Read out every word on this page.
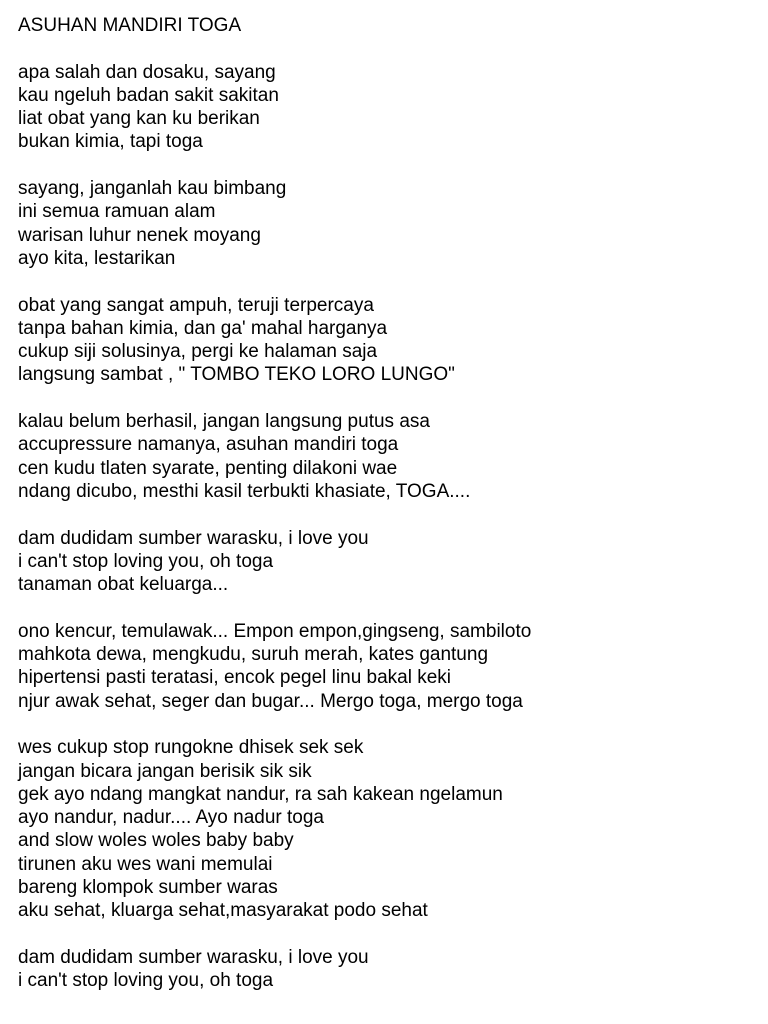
ASUHAN MANDIRI TOGA
apa salah dan dosaku, sayang
kau ngeluh badan sakit sakitan
liat obat yang kan ku berikan
bukan kimia, tapi toga
sayang, janganlah kau bimbang
ini semua ramuan alam
warisan luhur nenek moyang
ayo kita, lestarikan
obat yang sangat ampuh, teruji terpercaya
tanpa bahan kimia, dan ga' mahal harganya
cukup siji solusinya, pergi ke halaman saja
langsung sambat , " TOMBO TEKO LORO LUNGO"
kalau belum berhasil, jangan langsung putus asa
accupressure namanya, asuhan mandiri toga
cen kudu tlaten syarate, penting dilakoni wae
ndang dicubo, mesthi kasil terbukti khasiate, TOGA....
dam dudidam sumber warasku, i love you
i can't stop loving you, oh toga
tanaman obat keluarga...
ono kencur, temulawak... Empon empon,gingseng, sambiloto
mahkota dewa, mengkudu, suruh merah, kates gantung
hipertensi pasti teratasi, encok pegel linu bakal keki
njur awak sehat, seger dan bugar... Mergo toga, mergo toga
wes cukup stop rungokne dhisek sek sek
jangan bicara jangan berisik sik sik
gek ayo ndang mangkat nandur, ra sah kakean ngelamun
ayo nandur, nadur.... Ayo nadur toga
and slow woles woles baby baby
tirunen aku wes wani memulai
bareng klompok sumber waras
aku sehat, kluarga sehat,masyarakat podo sehat
dam dudidam sumber warasku, i love you
i can't stop loving you, oh toga
